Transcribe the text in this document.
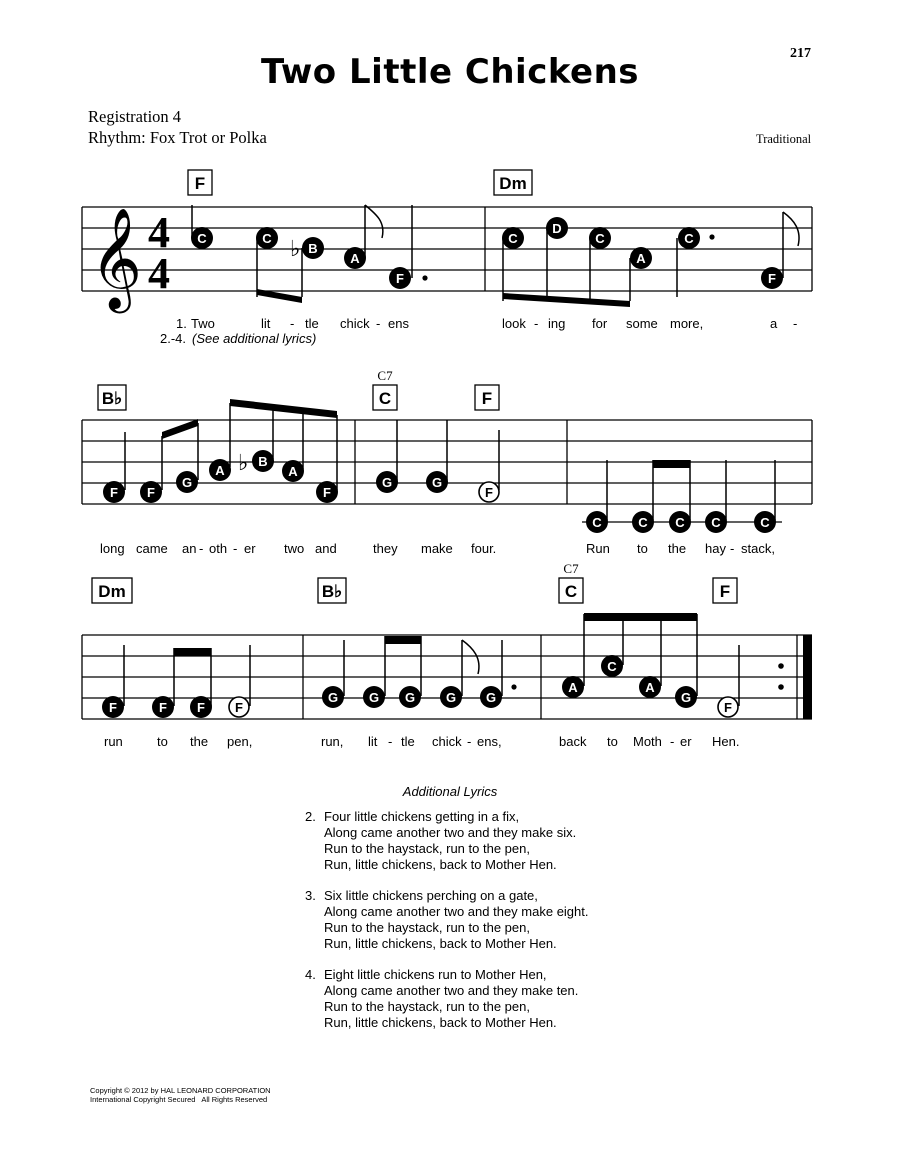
Two Little Chickens	217
Registration 4
Rhythm: Fox Trot or Polka	Traditional
𝄞 4
4
F	Dm
♭
C	C
B
A
F
C
D
C
A
C
F
1. Two	lit - tle chick - ens	look - ing for some more,	a -
2.-4. (See additional lyrics)
B♭
C7
C	F
♭
F F
G
A
B
A
F
G	G
F
C	C C C	C
long came an - oth - er two and	they make four.	Run to the hay - stack,
Dm	B♭
C7
C	F
F	F F F
G G G G G
A
C
A
G
F
run	to the pen,	run, lit - tle chick - ens,	back to Moth - er Hen.
Additional Lyrics
2. Four little chickens getting in a fix,
Along came another two and they make six.
Run to the haystack, run to the pen,
Run, little chickens, back to Mother Hen.
3. Six little chickens perching on a gate,
Along came another two and they make eight.
Run to the haystack, run to the pen,
Run, little chickens, back to Mother Hen.
4. Eight little chickens run to Mother Hen,
Along came another two and they make ten.
Run to the haystack, run to the pen,
Run, little chickens, back to Mother Hen.
Copyright © 2012 by HAL LEONARD CORPORATION
International Copyright Secured   All Rights Reserved
